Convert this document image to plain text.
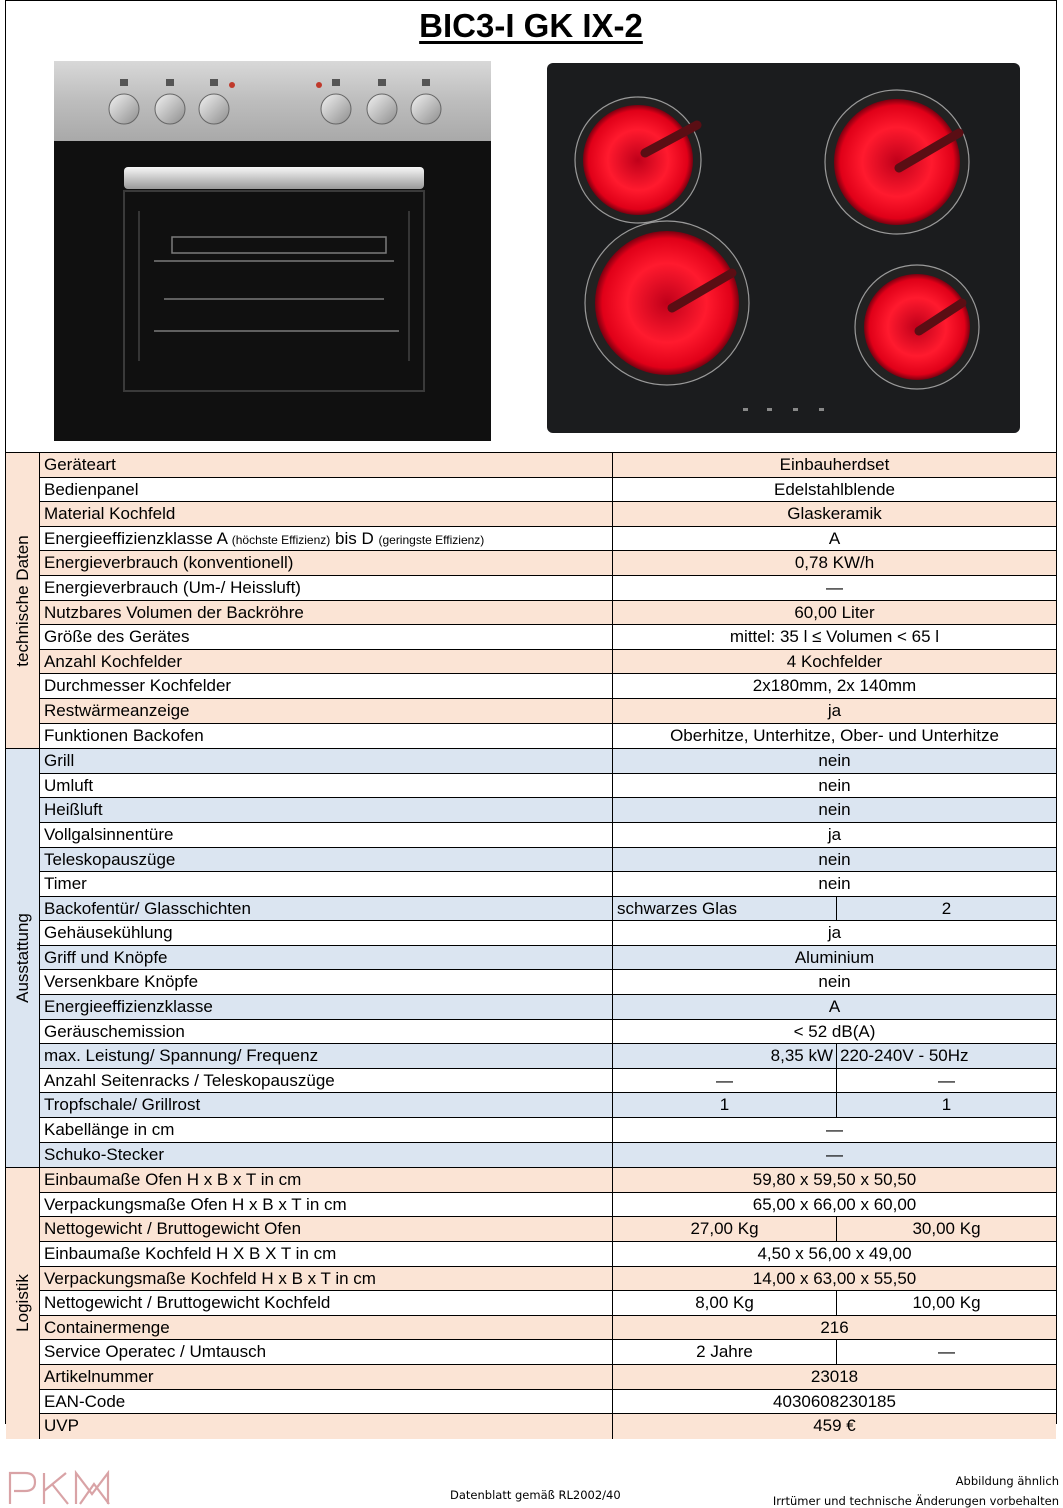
BIC3-I GK IX-2
technische Daten
Geräteart	Einbauherdset
Bedienpanel	Edelstahlblende
Material Kochfeld	Glaskeramik
Energieeffizienzklasse A (höchste Effizienz) bis D (geringste Effizienz)	A
Energieverbrauch (konventionell)	0,78 KW/h
Energieverbrauch (Um-/ Heissluft)	—
Nutzbares Volumen der Backröhre	60,00 Liter
Größe des Gerätes	mittel: 35 l ≤ Volumen < 65 l
Anzahl Kochfelder	4 Kochfelder
Durchmesser Kochfelder	2x180mm, 2x 140mm
Restwärmeanzeige	ja
Funktionen Backofen	Oberhitze, Unterhitze, Ober- und Unterhitze
Ausstattung
Grill	nein
Umluft	nein
Heißluft	nein
Vollgalsinnentüre	ja
Teleskopauszüge	nein
Timer	nein
Backofentür/ Glasschichten	schwarzes Glas	2
Gehäusekühlung	ja
Griff und Knöpfe	Aluminium
Versenkbare Knöpfe	nein
Energieeffizienzklasse	A
Geräuschemission	< 52 dB(A)
max. Leistung/ Spannung/ Frequenz	8,35 kW 220-240V - 50Hz
Anzahl Seitenracks / Teleskopauszüge	—	—
Tropfschale/ Grillrost	1	1
Kabellänge in cm	—
Schuko-Stecker	—
Logistik
Einbaumaße Ofen H x B x T in cm	59,80 x 59,50 x 50,50
Verpackungsmaße Ofen H x B x T in cm	65,00 x 66,00 x 60,00
Nettogewicht / Bruttogewicht Ofen	27,00 Kg	30,00 Kg
Einbaumaße Kochfeld H X B X T in cm	4,50 x 56,00 x 49,00
Verpackungsmaße Kochfeld H x B x T in cm	14,00 x 63,00 x 55,50
Nettogewicht / Bruttogewicht Kochfeld	8,00 Kg	10,00 Kg
Containermenge	216
Service Operatec / Umtausch	2 Jahre	—
Artikelnummer	23018
EAN-Code	4030608230185
UVP	459 €
Datenblatt gemäß RL2002/40
Abbildung ähnlich
Irrtümer und technische Änderungen vorbehalten
